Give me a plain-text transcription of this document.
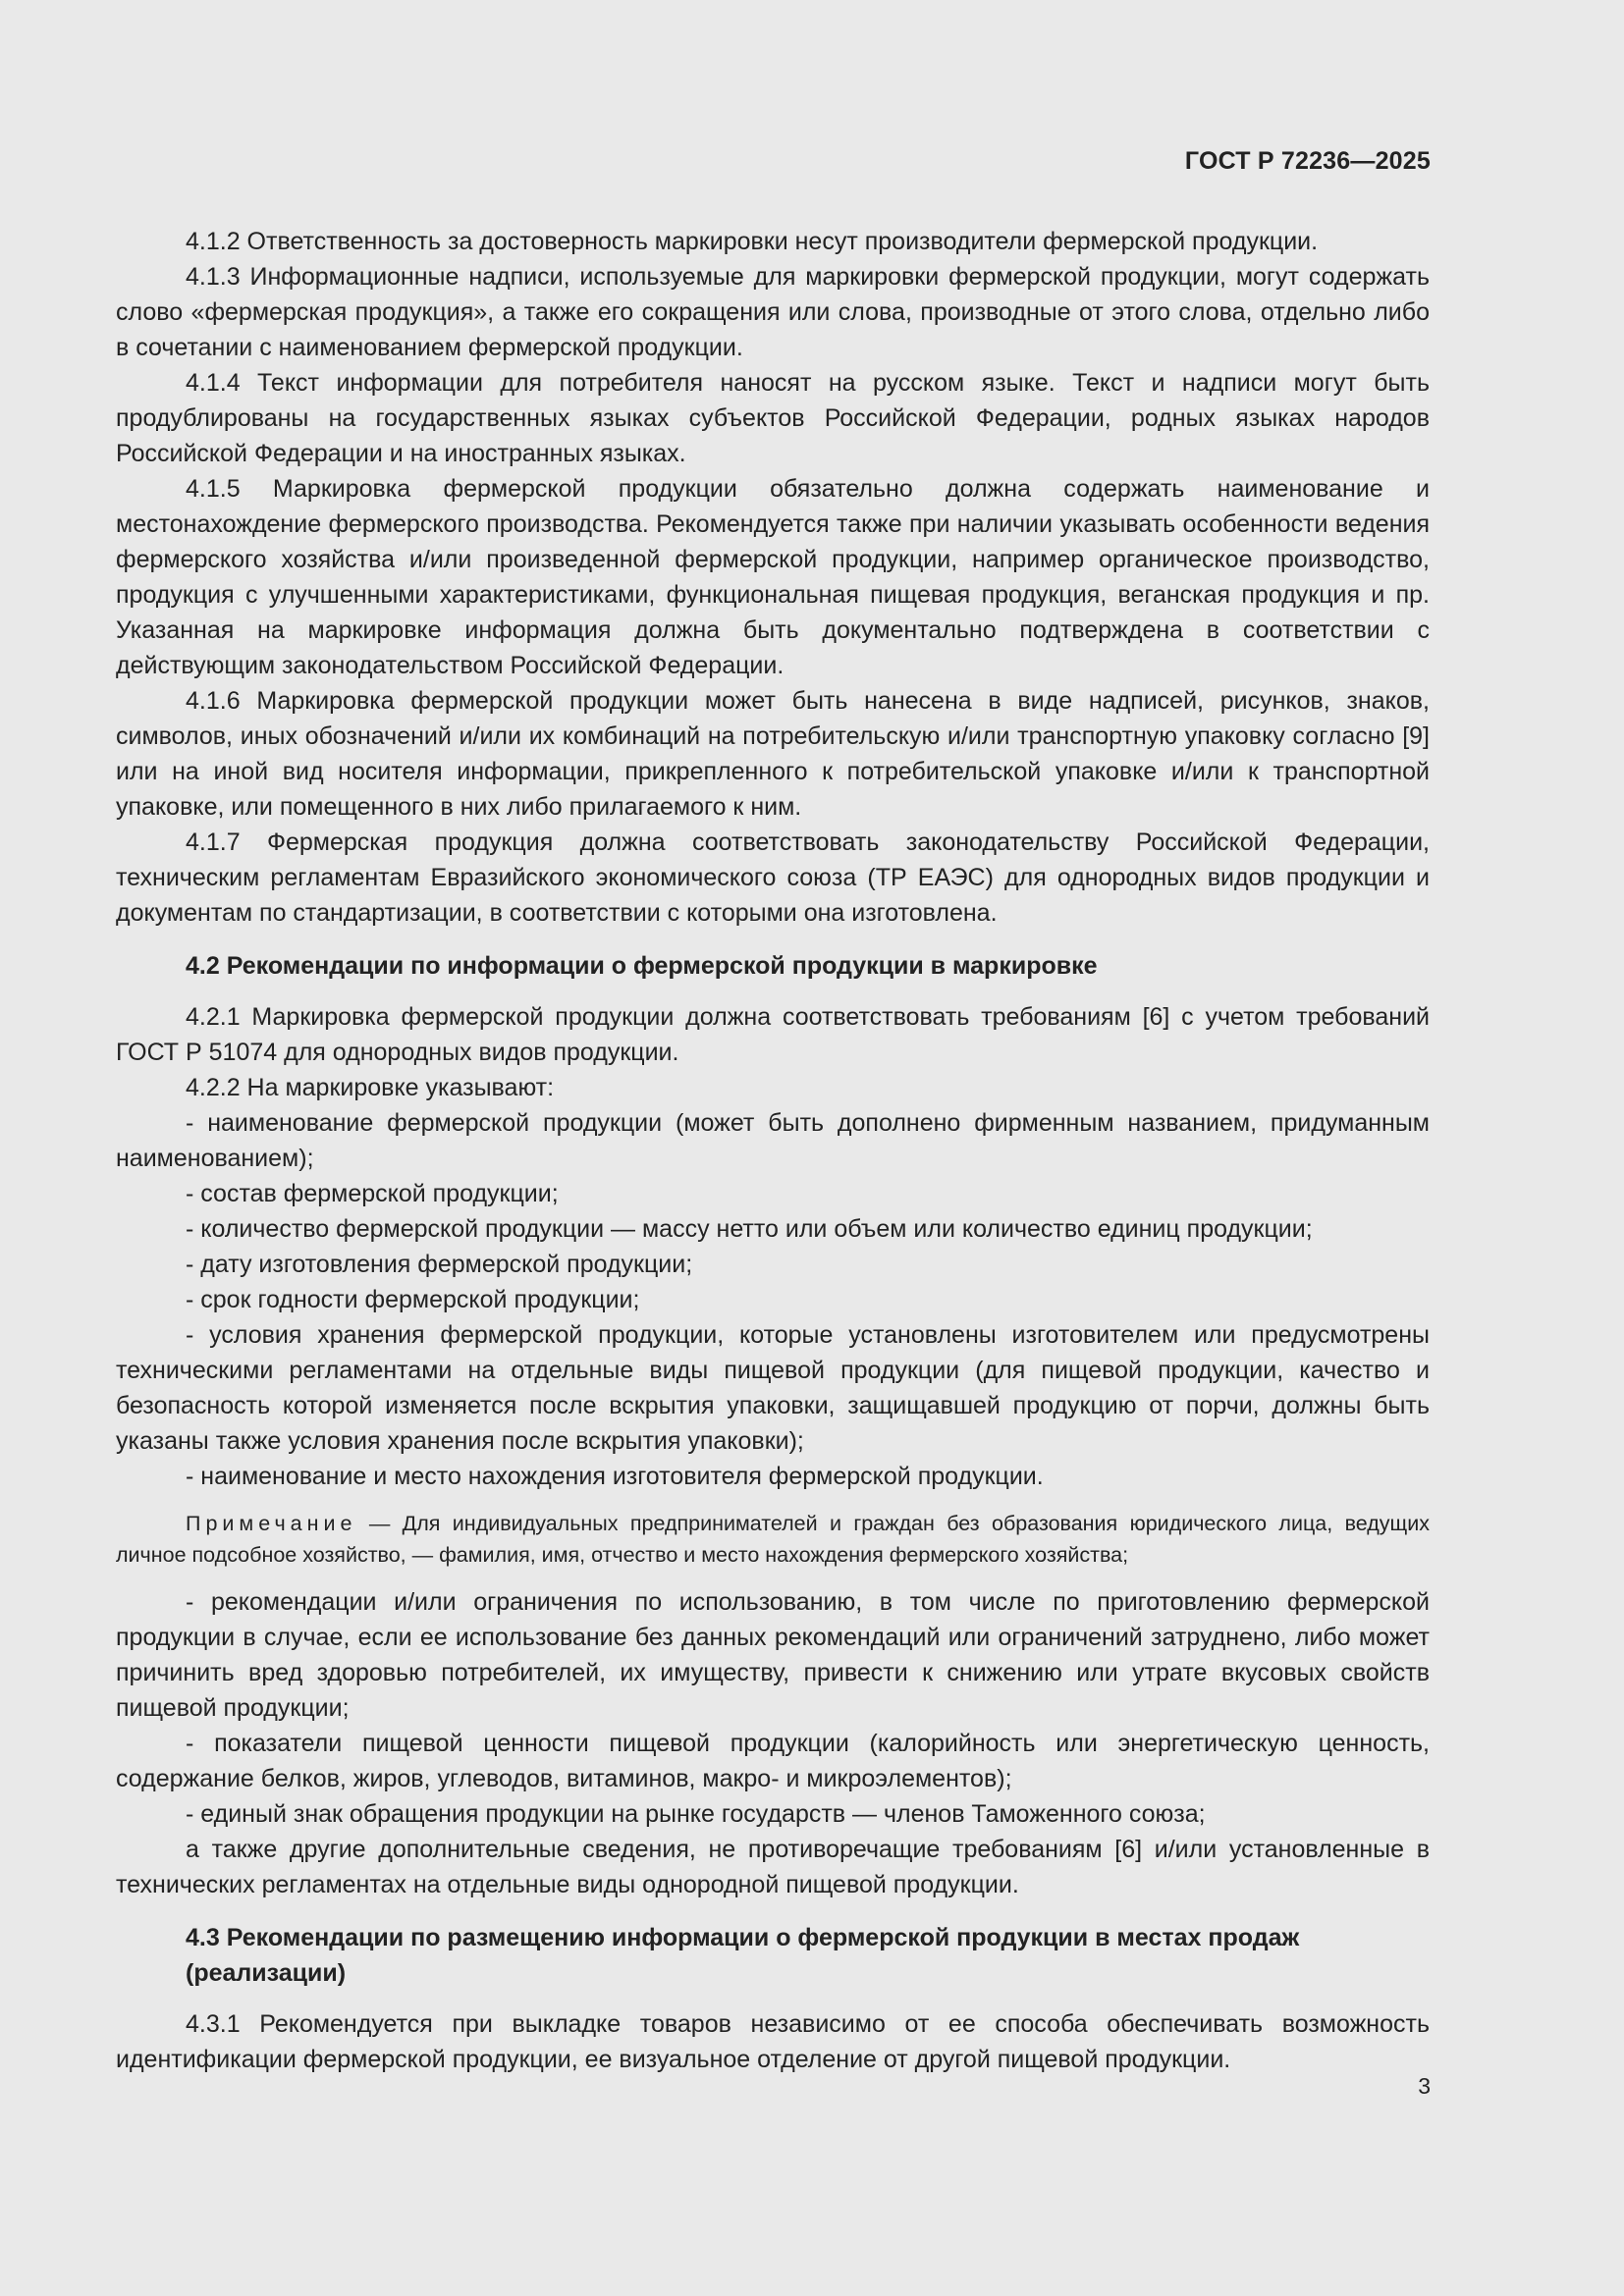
ГОСТ Р 72236—2025

4.1.2 Ответственность за достоверность маркировки несут производители фермерской продукции.

4.1.3 Информационные надписи, используемые для маркировки фермерской продукции, могут содержать слово «фермерская продукция», а также его сокращения или слова, производные от этого слова, отдельно либо в сочетании с наименованием фермерской продукции.

4.1.4 Текст информации для потребителя наносят на русском языке. Текст и надписи могут быть продублированы на государственных языках субъектов Российской Федерации, родных языках народов Российской Федерации и на иностранных языках.

4.1.5 Маркировка фермерской продукции обязательно должна содержать наименование и местонахождение фермерского производства. Рекомендуется также при наличии указывать особенности ведения фермерского хозяйства и/или произведенной фермерской продукции, например органическое производство, продукция с улучшенными характеристиками, функциональная пищевая продукция, веганская продукция и пр. Указанная на маркировке информация должна быть документально подтверждена в соответствии с действующим законодательством Российской Федерации.

4.1.6 Маркировка фермерской продукции может быть нанесена в виде надписей, рисунков, знаков, символов, иных обозначений и/или их комбинаций на потребительскую и/или транспортную упаковку согласно [9] или на иной вид носителя информации, прикрепленного к потребительской упаковке и/или к транспортной упаковке, или помещенного в них либо прилагаемого к ним.

4.1.7 Фермерская продукция должна соответствовать законодательству Российской Федерации, техническим регламентам Евразийского экономического союза (ТР ЕАЭС) для однородных видов продукции и документам по стандартизации, в соответствии с которыми она изготовлена.

4.2 Рекомендации по информации о фермерской продукции в маркировке

4.2.1 Маркировка фермерской продукции должна соответствовать требованиям [6] с учетом требований ГОСТ Р 51074 для однородных видов продукции.

4.2.2 На маркировке указывают:

- наименование фермерской продукции (может быть дополнено фирменным названием, придуманным наименованием);

- состав фермерской продукции;

- количество фермерской продукции — массу нетто или объем или количество единиц продукции;

- дату изготовления фермерской продукции;

- срок годности фермерской продукции;

- условия хранения фермерской продукции, которые установлены изготовителем или предусмотрены техническими регламентами на отдельные виды пищевой продукции (для пищевой продукции, качество и безопасность которой изменяется после вскрытия упаковки, защищавшей продукцию от порчи, должны быть указаны также условия хранения после вскрытия упаковки);

- наименование и место нахождения изготовителя фермерской продукции.

Примечание — Для индивидуальных предпринимателей и граждан без образования юридического лица, ведущих личное подсобное хозяйство, — фамилия, имя, отчество и место нахождения фермерского хозяйства;

- рекомендации и/или ограничения по использованию, в том числе по приготовлению фермерской продукции в случае, если ее использование без данных рекомендаций или ограничений затруднено, либо может причинить вред здоровью потребителей, их имуществу, привести к снижению или утрате вкусовых свойств пищевой продукции;

- показатели пищевой ценности пищевой продукции (калорийность или энергетическую ценность, содержание белков, жиров, углеводов, витаминов, макро- и микроэлементов);

- единый знак обращения продукции на рынке государств — членов Таможенного союза;

а также другие дополнительные сведения, не противоречащие требованиям [6] и/или установленные в технических регламентах на отдельные виды однородной пищевой продукции.

4.3 Рекомендации по размещению информации о фермерской продукции в местах продаж (реализации)

4.3.1 Рекомендуется при выкладке товаров независимо от ее способа обеспечивать возможность идентификации фермерской продукции, ее визуальное отделение от другой пищевой продукции.

3
